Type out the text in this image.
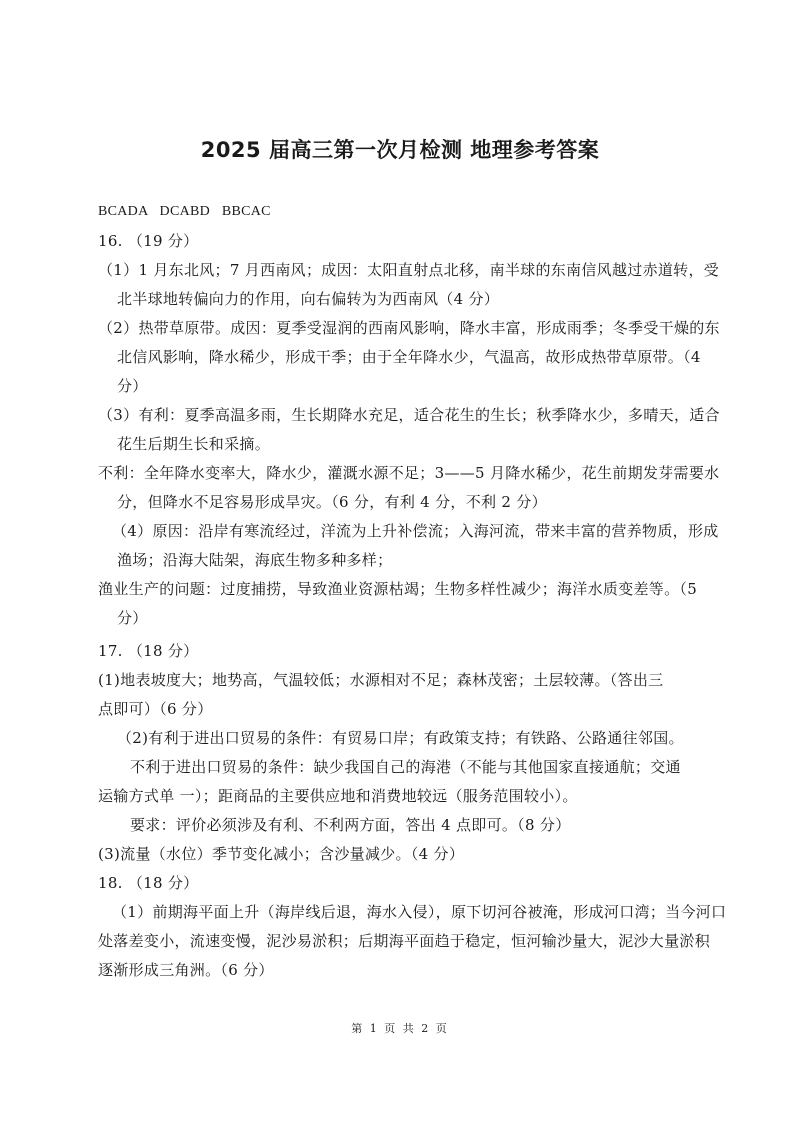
2025 届高三第一次月检测 地理参考答案
BCADA DCABD BBCAC
16. （19 分）
（1）1 月东北风；7 月西南风；成因：太阳直射点北移，南半球的东南信风越过赤道转，受
北半球地转偏向力的作用，向右偏转为为西南风（4 分）
（2）热带草原带。成因：夏季受湿润的西南风影响，降水丰富，形成雨季；冬季受干燥的东
北信风影响，降水稀少，形成干季；由于全年降水少，气温高，故形成热带草原带。（4
分）
（3）有利：夏季高温多雨，生长期降水充足，适合花生的生长；秋季降水少，多晴天，适合
花生后期生长和采摘。
不利：全年降水变率大，降水少，灌溉水源不足；3——5 月降水稀少，花生前期发芽需要水
分，但降水不足容易形成旱灾。（6 分，有利 4 分，不利 2 分）
（4）原因：沿岸有寒流经过，洋流为上升补偿流；入海河流，带来丰富的营养物质，形成
渔场；沿海大陆架，海底生物多种多样；
渔业生产的问题：过度捕捞，导致渔业资源枯竭；生物多样性减少；海洋水质变差等。（5
分）
17. （18 分）
(1)地表坡度大；地势高，气温较低；水源相对不足；森林茂密；土层较薄。（答出三
点即可）（6 分）
（2)有利于进出口贸易的条件：有贸易口岸；有政策支持；有铁路、公路通往邻国。
不利于进出口贸易的条件：缺少我国自己的海港（不能与其他国家直接通航；交通
运输方式单 一）；距商品的主要供应地和消费地较远（服务范围较小）。
要求：评价必须涉及有利、不利两方面，答出 4 点即可。（8 分）
(3)流量（水位）季节变化减小；含沙量减少。（4 分）
18. （18 分）
（1）前期海平面上升（海岸线后退，海水入侵），原下切河谷被淹，形成河口湾；当今河口
处落差变小，流速变慢，泥沙易淤积；后期海平面趋于稳定，恒河输沙量大，泥沙大量淤积
逐渐形成三角洲。（6 分）
第 1 页 共 2 页
